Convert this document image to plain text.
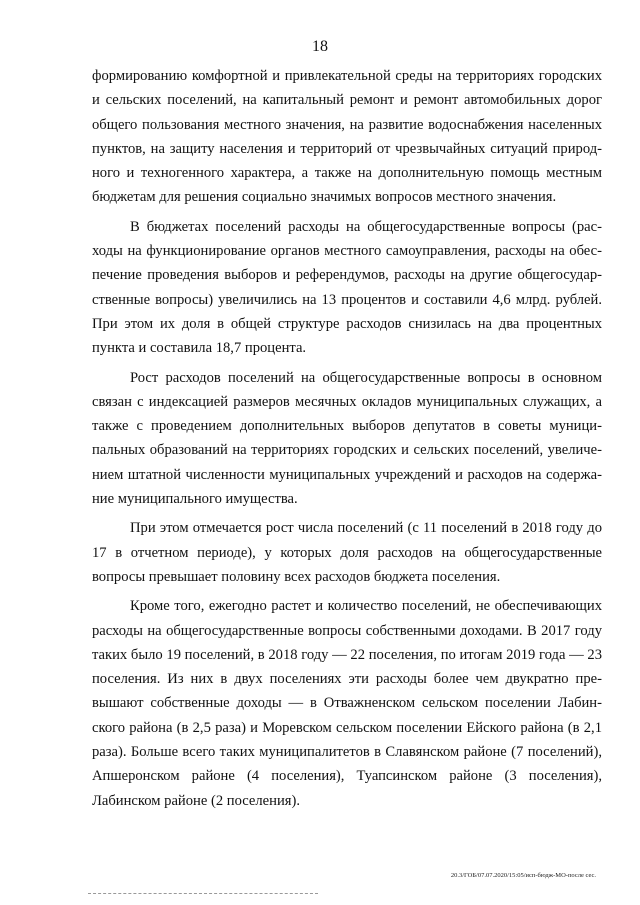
18

формированию комфортной и привлекательной среды на территориях городских и сельских поселений, на капитальный ремонт и ремонт автомобильных дорог общего пользования местного значения, на развитие водоснабжения населенных пунктов, на защиту населения и территорий от чрезвычайных ситуаций природного и техногенного характера, а также на дополнительную помощь местным бюджетам для решения социально значимых вопросов местного значения.

В бюджетах поселений расходы на общегосударственные вопросы (расходы на функционирование органов местного самоуправления, расходы на обеспечение проведения выборов и референдумов, расходы на другие общегосударственные вопросы) увеличились на 13 процентов и составили 4,6 млрд. рублей. При этом их доля в общей структуре расходов снизилась на два процентных пункта и составила 18,7 процента.

Рост расходов поселений на общегосударственные вопросы в основном связан с индексацией размеров месячных окладов муниципальных служащих, а также с проведением дополнительных выборов депутатов в советы муниципальных образований на территориях городских и сельских поселений, увеличением штатной численности муниципальных учреждений и расходов на содержание муниципального имущества.

При этом отмечается рост числа поселений (с 11 поселений в 2018 году до 17 в отчетном периоде), у которых доля расходов на общегосударственные вопросы превышает половину всех расходов бюджета поселения.

Кроме того, ежегодно растет и количество поселений, не обеспечивающих расходы на общегосударственные вопросы собственными доходами. В 2017 году таких было 19 поселений, в 2018 году — 22 поселения, по итогам 2019 года — 23 поселения. Из них в двух поселениях эти расходы более чем двукратно превышают собственные доходы — в Отважненском сельском поселении Лабинского района (в 2,5 раза) и Моревском сельском поселении Ейского района (в 2,1 раза). Больше всего таких муниципалитетов в Славянском районе (7 поселений), Апшеронском районе (4 поселения), Туапсинском районе (3 поселения), Лабинском районе (2 поселения).

20.3/ГОБ/07.07.2020/15:05/исп-бюдж-МО-после сес.
